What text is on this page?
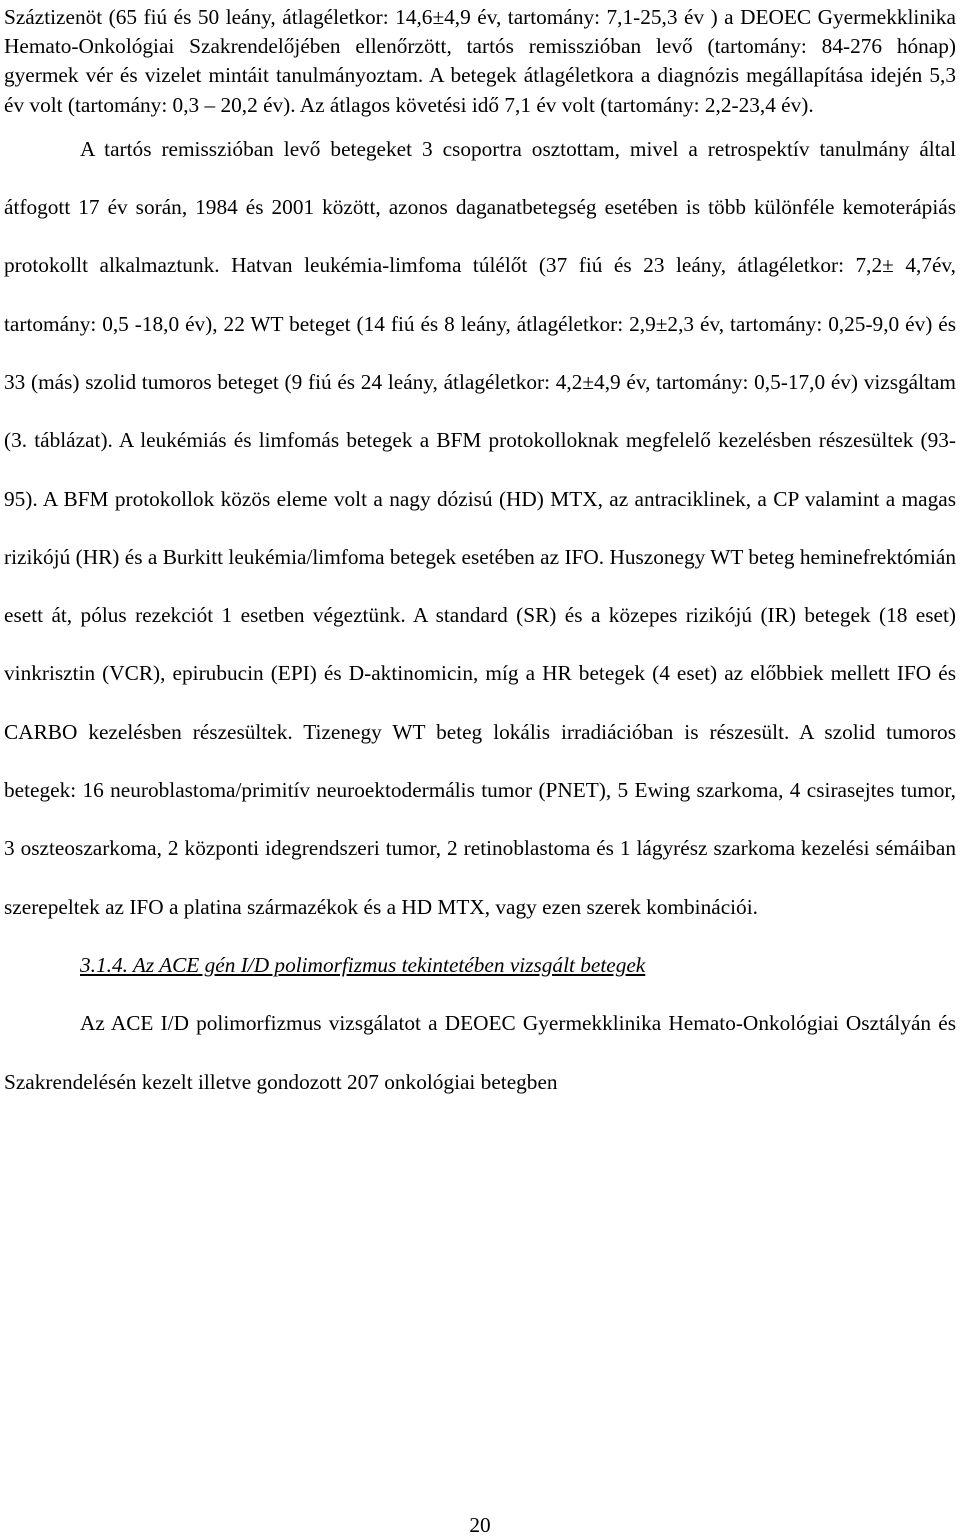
Száztizenöt (65 fiú és 50 leány, átlagéletkor: 14,6±4,9 év, tartomány: 7,1-25,3 év ) a DEOEC Gyermekklinika Hemato-Onkológiai Szakrendelőjében ellenőrzött, tartós remisszióban levő (tartomány: 84-276 hónap) gyermek vér és vizelet mintáit tanulmányoztam. A betegek átlagéletkora a diagnózis megállapítása idején 5,3 év volt (tartomány: 0,3 – 20,2 év). Az átlagos követési idő 7,1 év volt (tartomány: 2,2-23,4 év).

A tartós remisszióban levő betegeket 3 csoportra osztottam, mivel a retrospektív tanulmány által átfogott 17 év során, 1984 és 2001 között, azonos daganatbetegség esetében is több különféle kemoterápiás protokollt alkalmaztunk. Hatvan leukémia-limfoma túlélőt (37 fiú és 23 leány, átlagéletkor: 7,2± 4,7év, tartomány: 0,5 -18,0 év), 22 WT beteget (14 fiú és 8 leány, átlagéletkor: 2,9±2,3 év, tartomány: 0,25-9,0 év) és 33 (más) szolid tumoros beteget (9 fiú és 24 leány, átlagéletkor: 4,2±4,9 év, tartomány: 0,5-17,0 év) vizsgáltam (3. táblázat). A leukémiás és limfomás betegek a BFM protokolloknak megfelelő kezelésben részesültek (93-95). A BFM protokollok közös eleme volt a nagy dózisú (HD) MTX, az antraciklinek, a CP valamint a magas rizikójú (HR) és a Burkitt leukémia/limfoma betegek esetében az IFO. Huszonegy WT beteg heminefrektómián esett át, pólus rezekciót 1 esetben végeztünk. A standard (SR) és a közepes rizikójú (IR) betegek (18 eset) vinkrisztin (VCR), epirubucin (EPI) és D-aktinomicin, míg a HR betegek (4 eset) az előbbiek mellett IFO és CARBO kezelésben részesültek. Tizenegy WT beteg lokális irradiációban is részesült. A szolid tumoros betegek: 16 neuroblastoma/primitív neuroektodermális tumor (PNET), 5 Ewing szarkoma, 4 csirasejtes tumor, 3 oszteoszarkoma, 2 központi idegrendszeri tumor, 2 retinoblastoma és 1 lágyrész szarkoma kezelési sémáiban szerepeltek az IFO a platina származékok és a HD MTX, vagy ezen szerek kombinációi.

3.1.4. Az ACE gén I/D polimorfizmus tekintetében vizsgált betegek

Az ACE I/D polimorfizmus vizsgálatot a DEOEC Gyermekklinika Hemato-Onkológiai Osztályán és Szakrendelésén kezelt illetve gondozott 207 onkológiai betegben

20
